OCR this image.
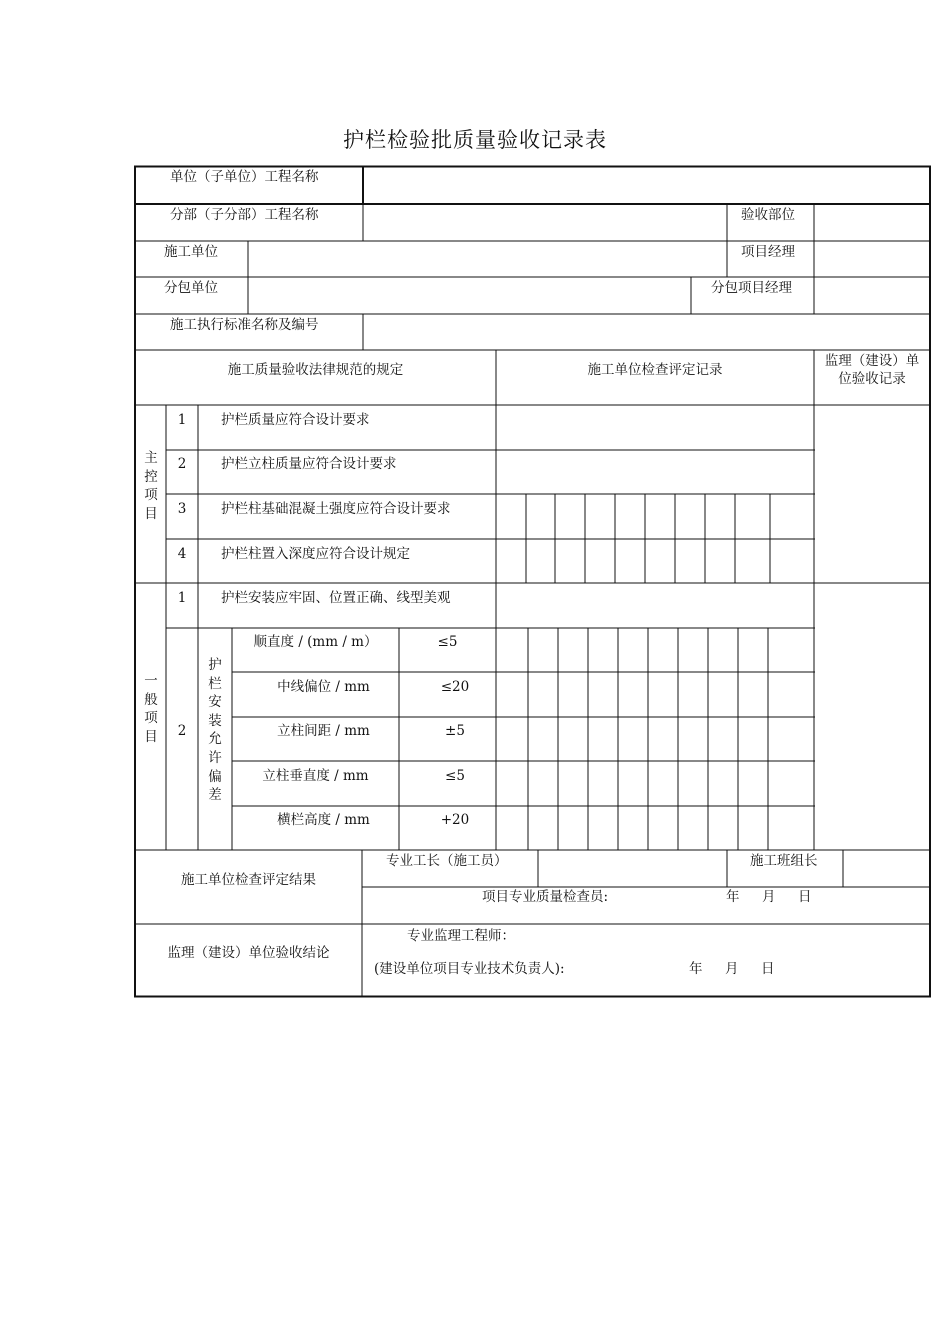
护栏检验批质量验收记录表
单位（子单位）工程名称
分部（子分部）工程名称	验收部位
施工单位	项目经理
分包单位	分包项目经理
施工执行标准名称及编号
施工质量验收法律规范的规定	施工单位检查评定记录
监理（建设）单
位验收记录
主控项目
1	护栏质量应符合设计要求
2	护栏立柱质量应符合设计要求
3	护栏柱基础混凝土强度应符合设计要求
4	护栏柱置入深度应符合设计规定
一般项目
1	护栏安装应牢固、位置正确、线型美观
2
护栏安装允许偏差
顺直度 / (mm / m）	≤5
中线偏位 / mm	≤20
立柱间距 / mm	±5
立柱垂直度 / mm	≤5
横栏高度 / mm	+20
施工单位检查评定结果
专业工长（施工员）	施工班组长
项目专业质量检查员:	年 月 日
监理（建设）单位验收结论
专业监理工程师：
(建设单位项目专业技术负责人):	年 月 日
